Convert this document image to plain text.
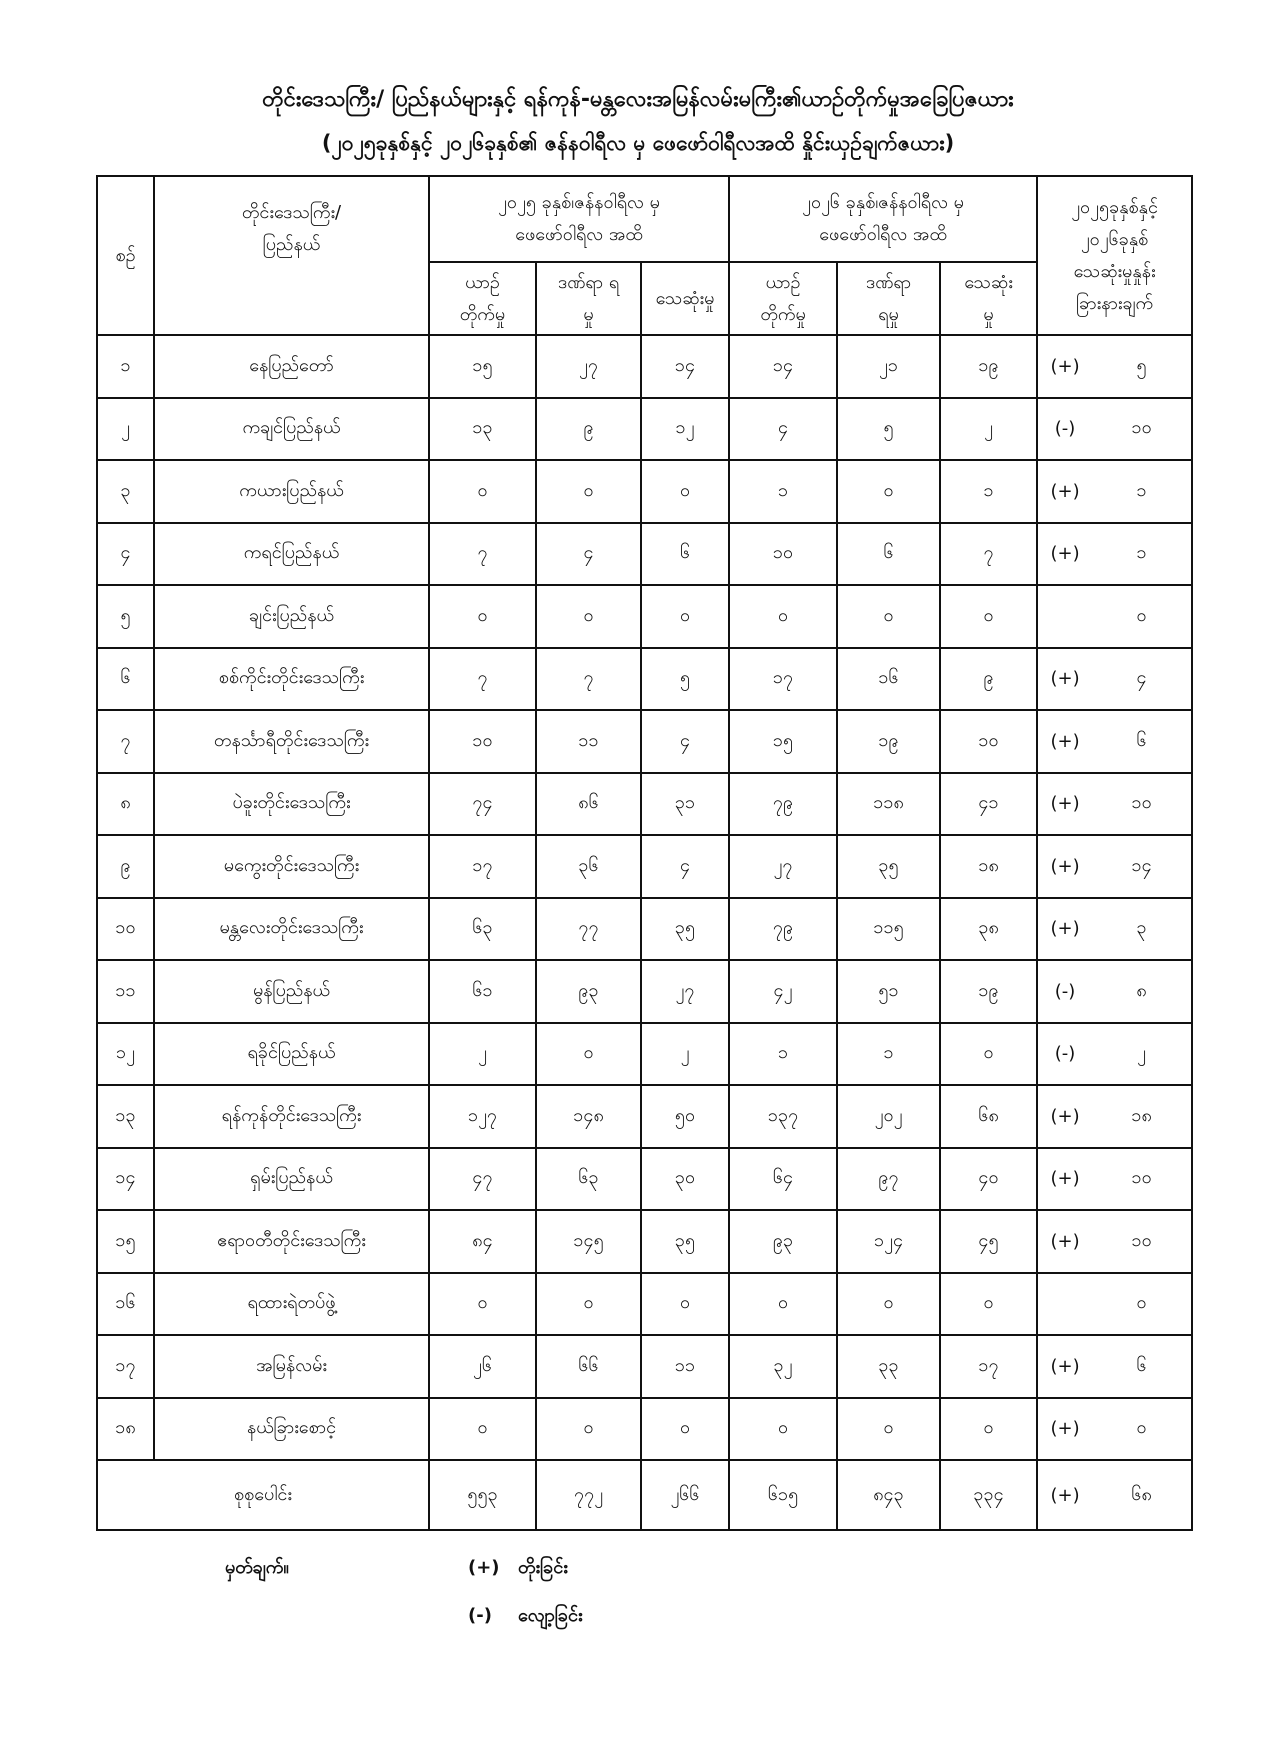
တိုင်းဒေသကြီး/ ပြည်နယ်များနှင့် ရန်ကုန်-မန္တလေးအမြန်လမ်းမကြီး၏ယာဉ်တိုက်မှုအခြေပြဇယား
(၂၀၂၅ခုနှစ်နှင့် ၂၀၂၆ခုနှစ်၏ ဇန်နဝါရီလ မှ ဖေဖော်ဝါရီလအထိ နှိုင်းယှဉ်ချက်ဇယား)
စဉ်	တိုင်းဒေသကြီး/ ပြည်နယ်	၂၀၂၅ ခုနှစ်၊ဇန်နဝါရီလ မှ ဖေဖော်ဝါရီလ အထိ			၂၀၂၆ ခုနှစ်၊ဇန်နဝါရီလ မှ ဖေဖော်ဝါရီလ အထိ			၂၀၂၅ခုနှစ်နှင့် ၂၀၂၆ခုနှစ် သေဆုံးမှုနှုန်း ခြားနားချက်	
		ယာဉ် တိုက်မှု	ဒဏ်ရာ ရမှု	သေဆုံးမှု	ယာဉ် တိုက်မှု	ဒဏ်ရာ ရမှု	သေဆုံး မှု		
၁	နေပြည်တော်	၁၅	၂၇	၁၄	၁၄	၂၁	၁၉	(+)	၅
၂	ကချင်ပြည်နယ်	၁၃	၉	၁၂	၄	၅	၂	(-)	၁၀
၃	ကယားပြည်နယ်	၀	၀	၀	၁	၀	၁	(+)	၁
၄	ကရင်ပြည်နယ်	၇	၄	၆	၁၀	၆	၇	(+)	၁
၅	ချင်းပြည်နယ်	၀	၀	၀	၀	၀	၀		၀
၆	စစ်ကိုင်းတိုင်းဒေသကြီး	၇	၇	၅	၁၇	၁၆	၉	(+)	၄
၇	တနင်္သာရီတိုင်းဒေသကြီး	၁၀	၁၁	၄	၁၅	၁၉	၁၀	(+)	၆
၈	ပဲခူးတိုင်းဒေသကြီး	၇၄	၈၆	၃၁	၇၉	၁၁၈	၄၁	(+)	၁၀
၉	မကွေးတိုင်းဒေသကြီး	၁၇	၃၆	၄	၂၇	၃၅	၁၈	(+)	၁၄
၁၀	မန္တလေးတိုင်းဒေသကြီး	၆၃	၇၇	၃၅	၇၉	၁၁၅	၃၈	(+)	၃
၁၁	မွန်ပြည်နယ်	၆၁	၉၃	၂၇	၄၂	၅၁	၁၉	(-)	၈
၁၂	ရခိုင်ပြည်နယ်	၂	၀	၂	၁	၁	၀	(-)	၂
၁၃	ရန်ကုန်တိုင်းဒေသကြီး	၁၂၇	၁၄၈	၅၀	၁၃၇	၂၀၂	၆၈	(+)	၁၈
၁၄	ရှမ်းပြည်နယ်	၄၇	၆၃	၃၀	၆၄	၉၇	၄၀	(+)	၁၀
၁၅	ဧရာဝတီတိုင်းဒေသကြီး	၈၄	၁၄၅	၃၅	၉၃	၁၂၄	၄၅	(+)	၁၀
၁၆	ရထားရဲတပ်ဖွဲ့	၀	၀	၀	၀	၀	၀		၀
၁၇	အမြန်လမ်း	၂၆	၆၆	၁၁	၃၂	၃၃	၁၇	(+)	၆
၁၈	နယ်ခြားစောင့်	၀	၀	၀	၀	၀	၀	(+)	၀
စုစုပေါင်း		၅၅၃	၇၇၂	၂၆၆	၆၁၅	၈၄၃	၃၃၄	(+)	၆၈
မှတ်ချက်။	(+) တိုးခြင်း
(-) လျော့ခြင်း
